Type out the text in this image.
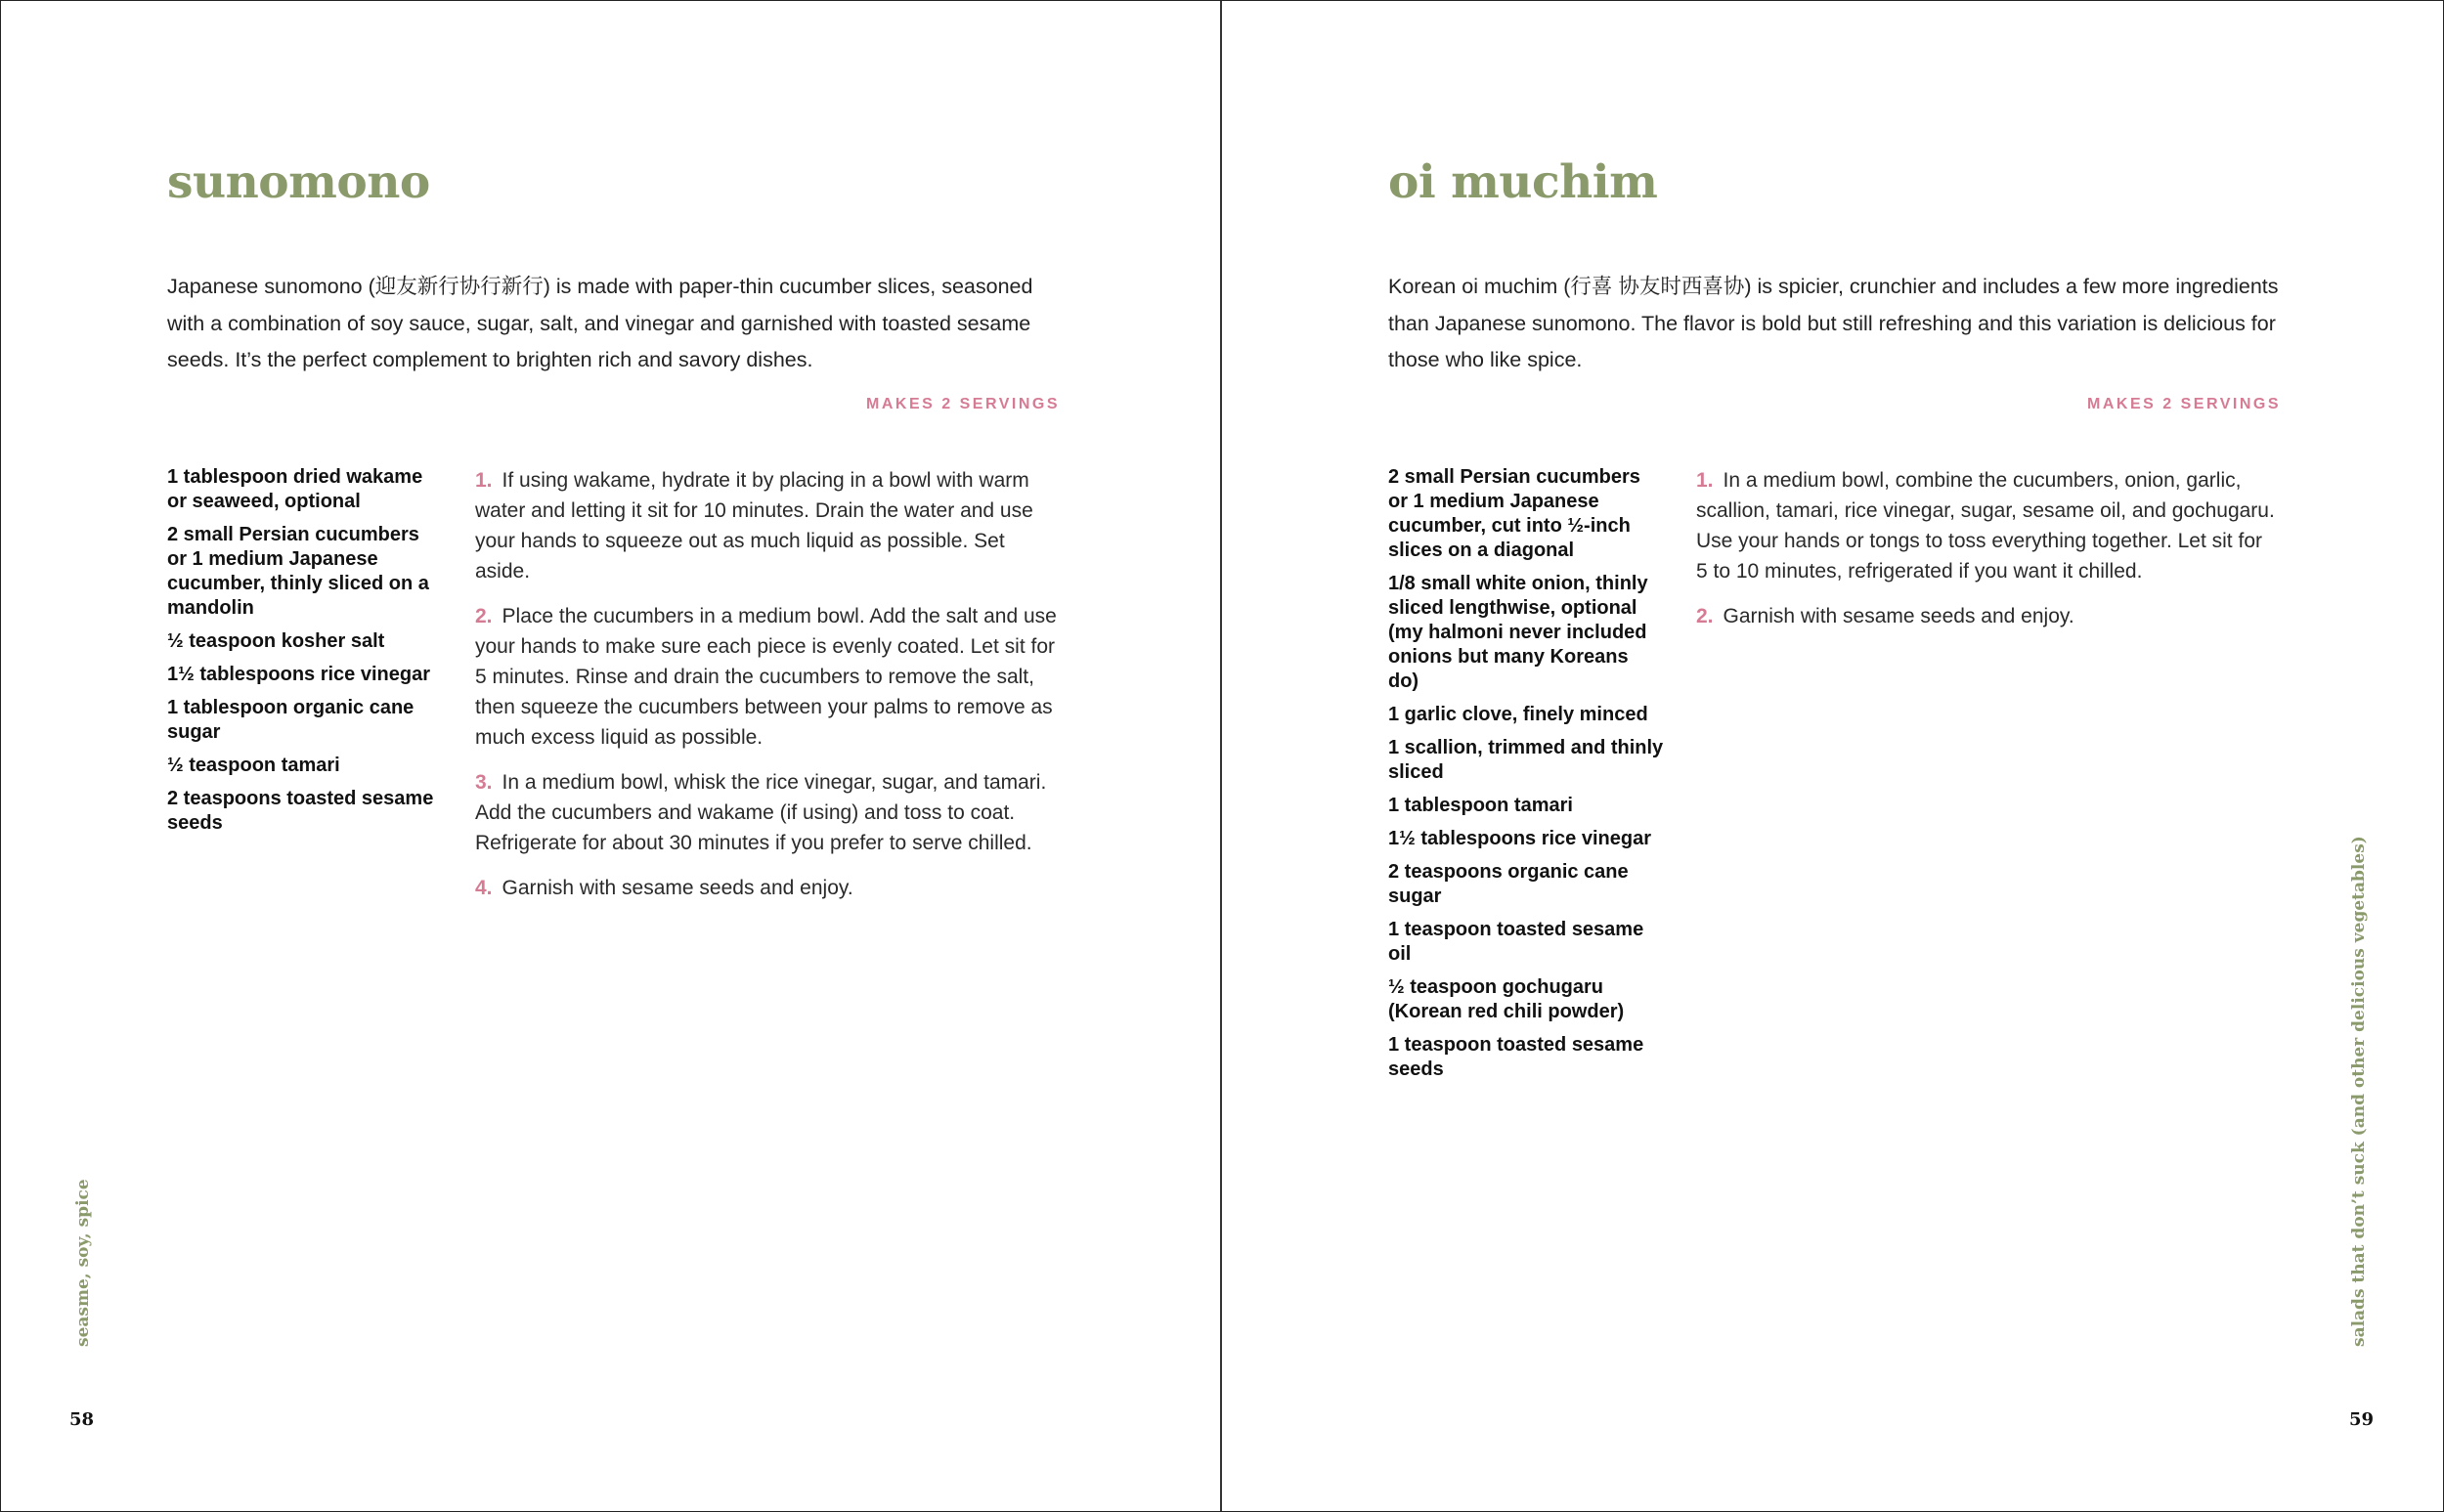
sunomono

Japanese sunomono (迎友新行协行新行) is made with paper-thin cucumber slices, seasoned with a combination of soy sauce, sugar, salt, and vinegar and garnished with toasted sesame seeds. It’s the perfect complement to brighten rich and savory dishes.

MAKES 2 SERVINGS
1 tablespoon dried wakame or seaweed, optional
2 small Persian cucumbers or 1 medium Japanese cucumber, thinly sliced on a mandolin
½ teaspoon kosher salt
1½ tablespoons rice vinegar
1 tablespoon organic cane sugar
½ teaspoon tamari
2 teaspoons toasted sesame seeds
1. If using wakame, hydrate it by placing in a bowl with warm water and letting it sit for 10 minutes. Drain the water and use your hands to squeeze out as much liquid as possible. Set aside.
2. Place the cucumbers in a medium bowl. Add the salt and use your hands to make sure each piece is evenly coated. Let sit for 5 minutes. Rinse and drain the cucumbers to remove the salt, then squeeze the cucumbers between your palms to remove as much excess liquid as possible.
3. In a medium bowl, whisk the rice vinegar, sugar, and tamari. Add the cucumbers and wakame (if using) and toss to coat. Refrigerate for about 30 minutes if you prefer to serve chilled.
4. Garnish with sesame seeds and enjoy.
seasme, soy, spice
58
oi muchim

Korean oi muchim (行喜 协友时西喜协) is spicier, crunchier and includes a few more ingredients than Japanese sunomono. The flavor is bold but still refreshing and this variation is delicious for those who like spice.

MAKES 2 SERVINGS
2 small Persian cucumbers or 1 medium Japanese cucumber, cut into ½-inch slices on a diagonal
1/8 small white onion, thinly sliced lengthwise, optional (my halmoni never included onions but many Koreans do)
1 garlic clove, finely minced
1 scallion, trimmed and thinly sliced
1 tablespoon tamari
1½ tablespoons rice vinegar
2 teaspoons organic cane sugar
1 teaspoon toasted sesame oil
½ teaspoon gochugaru (Korean red chili powder)
1 teaspoon toasted sesame seeds
1. In a medium bowl, combine the cucumbers, onion, garlic, scallion, tamari, rice vinegar, sugar, sesame oil, and gochugaru. Use your hands or tongs to toss everything together. Let sit for 5 to 10 minutes, refrigerated if you want it chilled.
2. Garnish with sesame seeds and enjoy.
59
salads that don’t suck (and other delicious vegetables)
